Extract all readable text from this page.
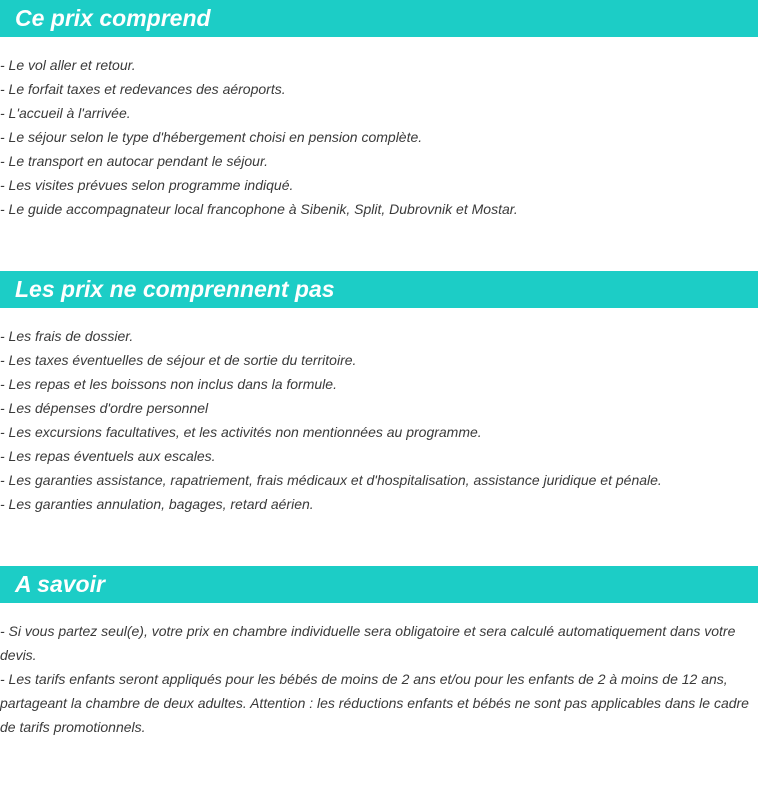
Ce prix comprend

- Le vol aller et retour.

- Le forfait taxes et redevances des aéroports.

- L'accueil à l'arrivée.

- Le séjour selon le type d'hébergement choisi en pension complète.

- Le transport en autocar pendant le séjour.

- Les visites prévues selon programme indiqué.

- Le guide accompagnateur local francophone à Sibenik, Split, Dubrovnik et Mostar.

Les prix ne comprennent pas

- Les frais de dossier.

- Les taxes éventuelles de séjour et de sortie du territoire.

- Les repas et les boissons non inclus dans la formule.

- Les dépenses d'ordre personnel

- Les excursions facultatives, et les activités non mentionnées au programme.

- Les repas éventuels aux escales.

- Les garanties assistance, rapatriement, frais médicaux et d'hospitalisation, assistance juridique et pénale.

- Les garanties annulation, bagages, retard aérien.

A savoir

- Si vous partez seul(e), votre prix en chambre individuelle sera obligatoire et sera calculé automatiquement dans votre devis.

- Les tarifs enfants seront appliqués pour les bébés de moins de 2 ans et/ou pour les enfants de 2 à moins de 12 ans, partageant la chambre de deux adultes. Attention : les réductions enfants et bébés ne sont pas applicables dans le cadre de tarifs promotionnels.
